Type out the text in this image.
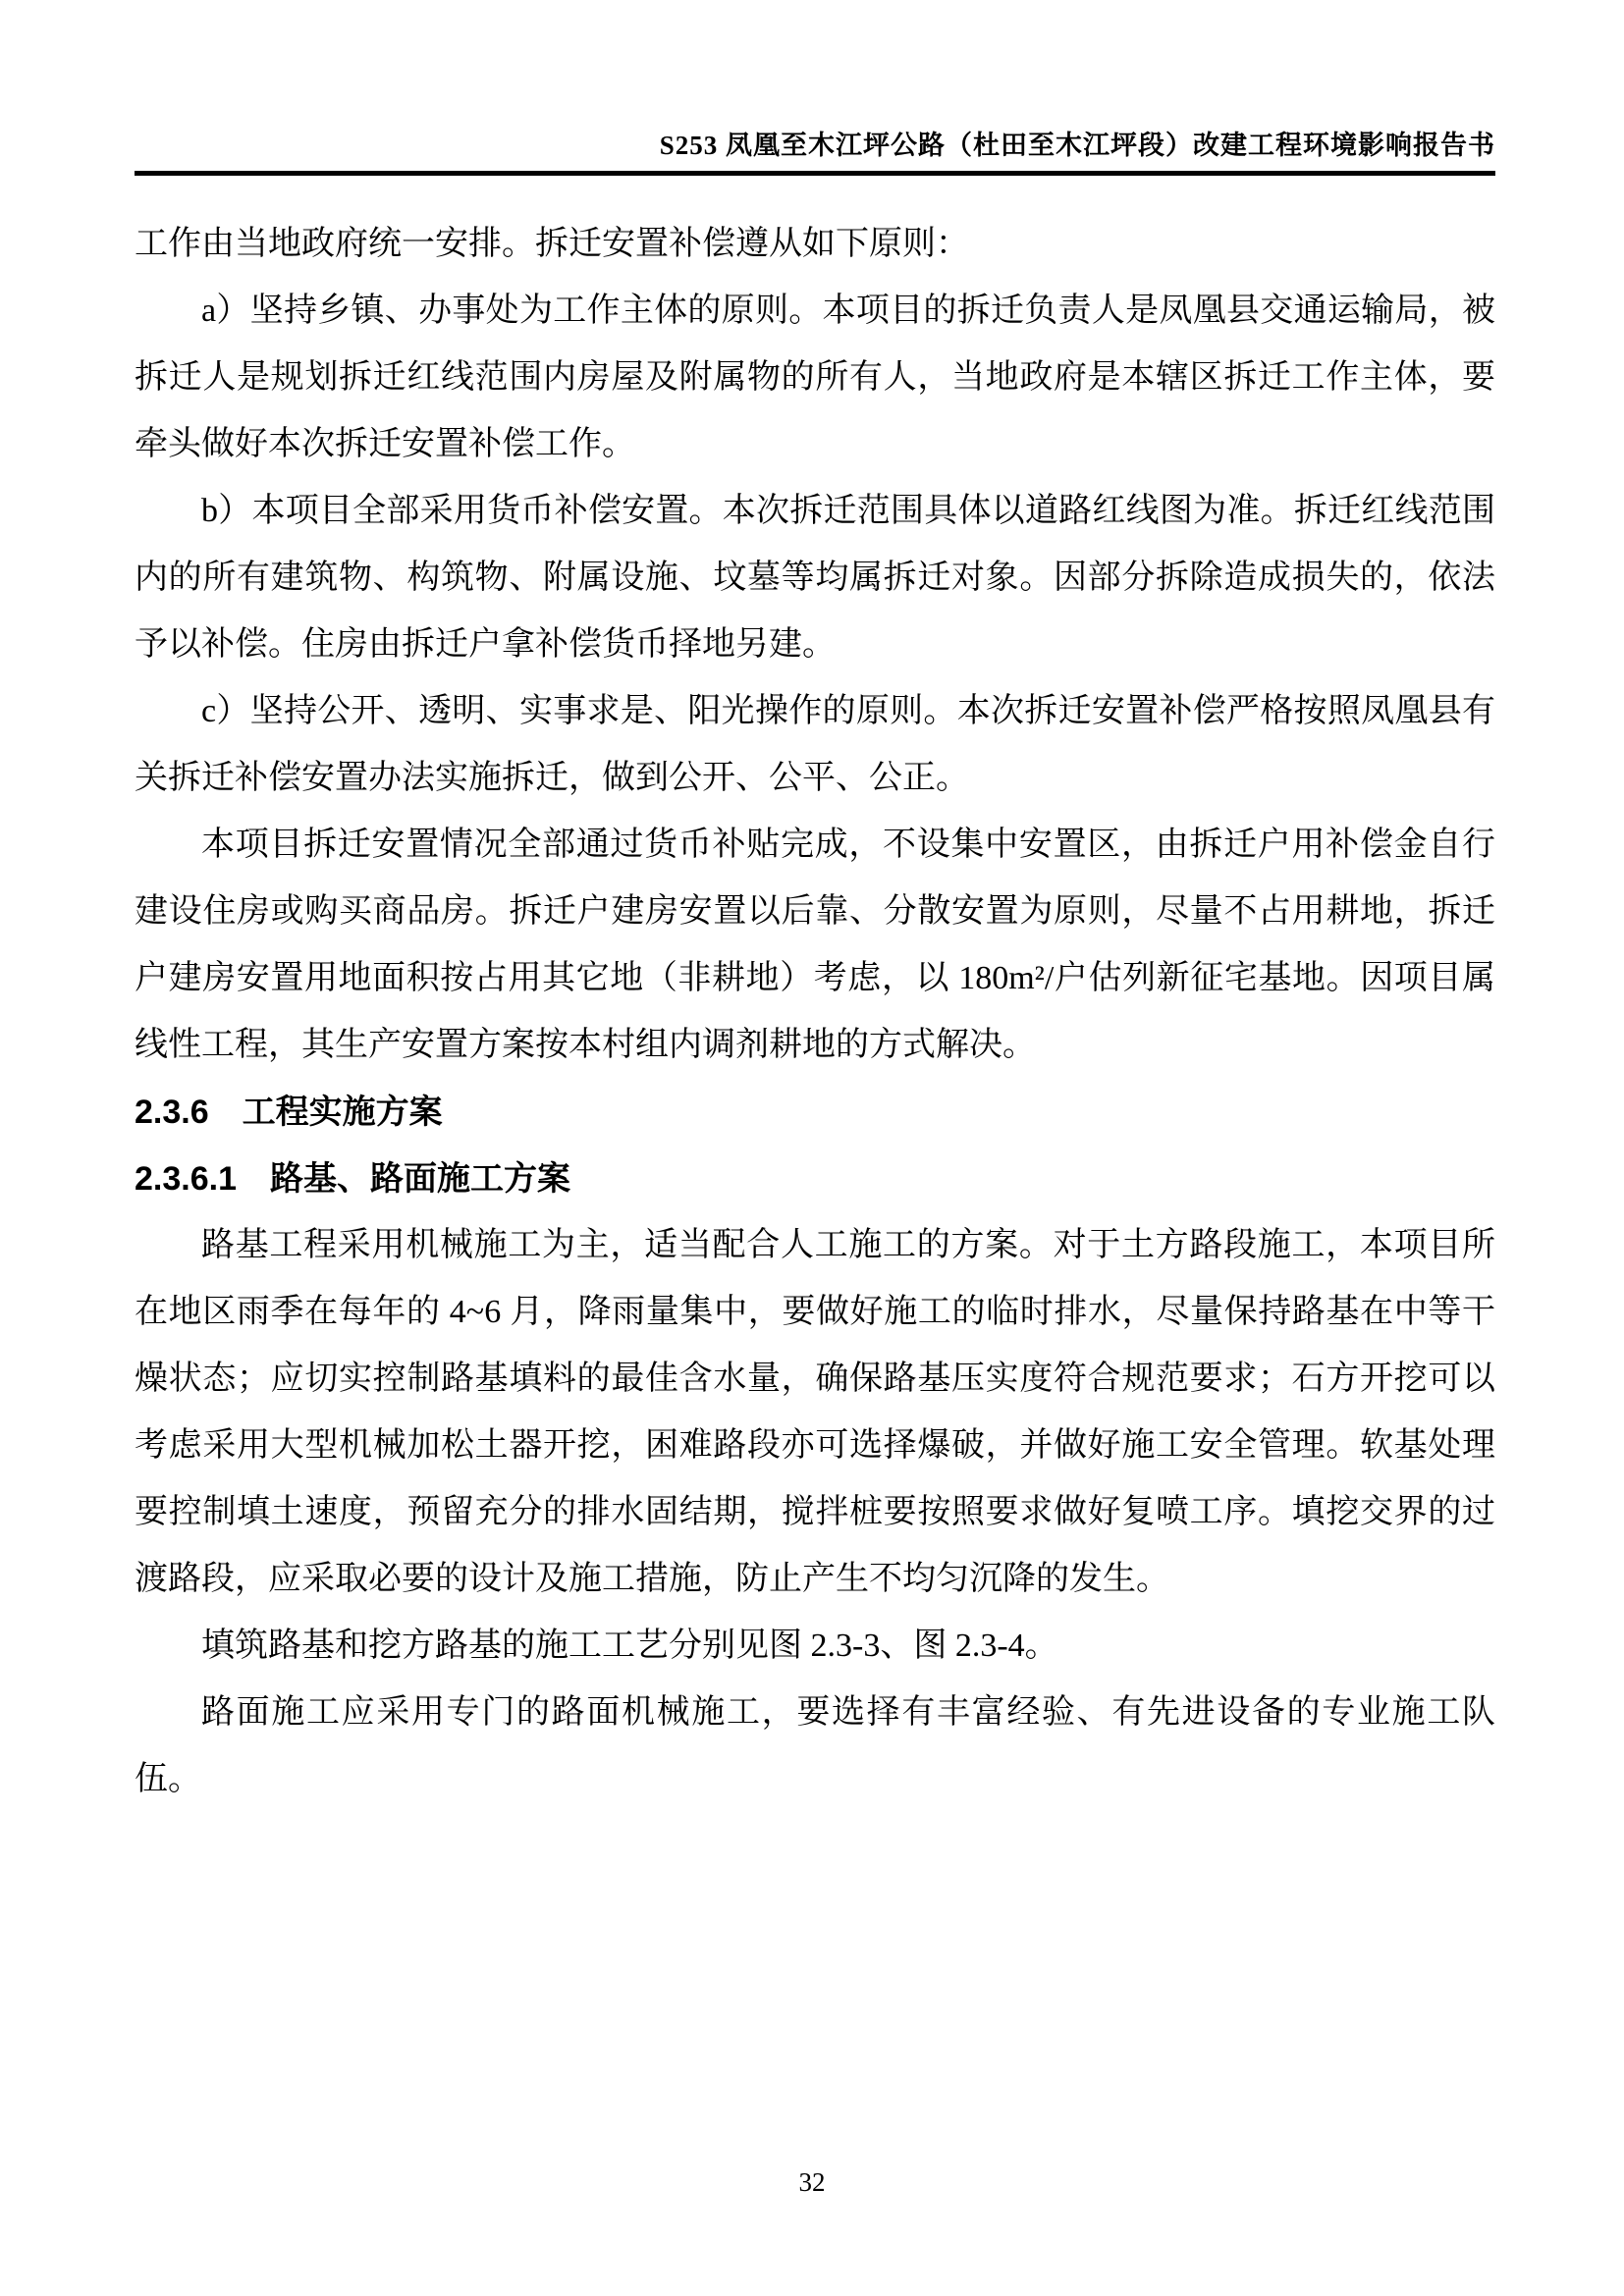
S253 凤凰至木江坪公路（杜田至木江坪段）改建工程环境影响报告书

工作由当地政府统一安排。拆迁安置补偿遵从如下原则：

a）坚持乡镇、办事处为工作主体的原则。本项目的拆迁负责人是凤凰县交通运输局，被拆迁人是规划拆迁红线范围内房屋及附属物的所有人，当地政府是本辖区拆迁工作主体，要牵头做好本次拆迁安置补偿工作。

b）本项目全部采用货币补偿安置。本次拆迁范围具体以道路红线图为准。拆迁红线范围内的所有建筑物、构筑物、附属设施、坟墓等均属拆迁对象。因部分拆除造成损失的，依法予以补偿。住房由拆迁户拿补偿货币择地另建。

c）坚持公开、透明、实事求是、阳光操作的原则。本次拆迁安置补偿严格按照凤凰县有关拆迁补偿安置办法实施拆迁，做到公开、公平、公正。

本项目拆迁安置情况全部通过货币补贴完成，不设集中安置区，由拆迁户用补偿金自行建设住房或购买商品房。拆迁户建房安置以后靠、分散安置为原则，尽量不占用耕地，拆迁户建房安置用地面积按占用其它地（非耕地）考虑，以 180m²/户估列新征宅基地。因项目属线性工程，其生产安置方案按本村组内调剂耕地的方式解决。

2.3.6　工程实施方案
2.3.6.1　路基、路面施工方案

路基工程采用机械施工为主，适当配合人工施工的方案。对于土方路段施工，本项目所在地区雨季在每年的 4~6 月，降雨量集中，要做好施工的临时排水，尽量保持路基在中等干燥状态；应切实控制路基填料的最佳含水量，确保路基压实度符合规范要求；石方开挖可以考虑采用大型机械加松土器开挖，困难路段亦可选择爆破，并做好施工安全管理。软基处理要控制填土速度，预留充分的排水固结期，搅拌桩要按照要求做好复喷工序。填挖交界的过渡路段，应采取必要的设计及施工措施，防止产生不均匀沉降的发生。

填筑路基和挖方路基的施工工艺分别见图 2.3-3、图 2.3-4。

路面施工应采用专门的路面机械施工，要选择有丰富经验、有先进设备的专业施工队伍。

32
